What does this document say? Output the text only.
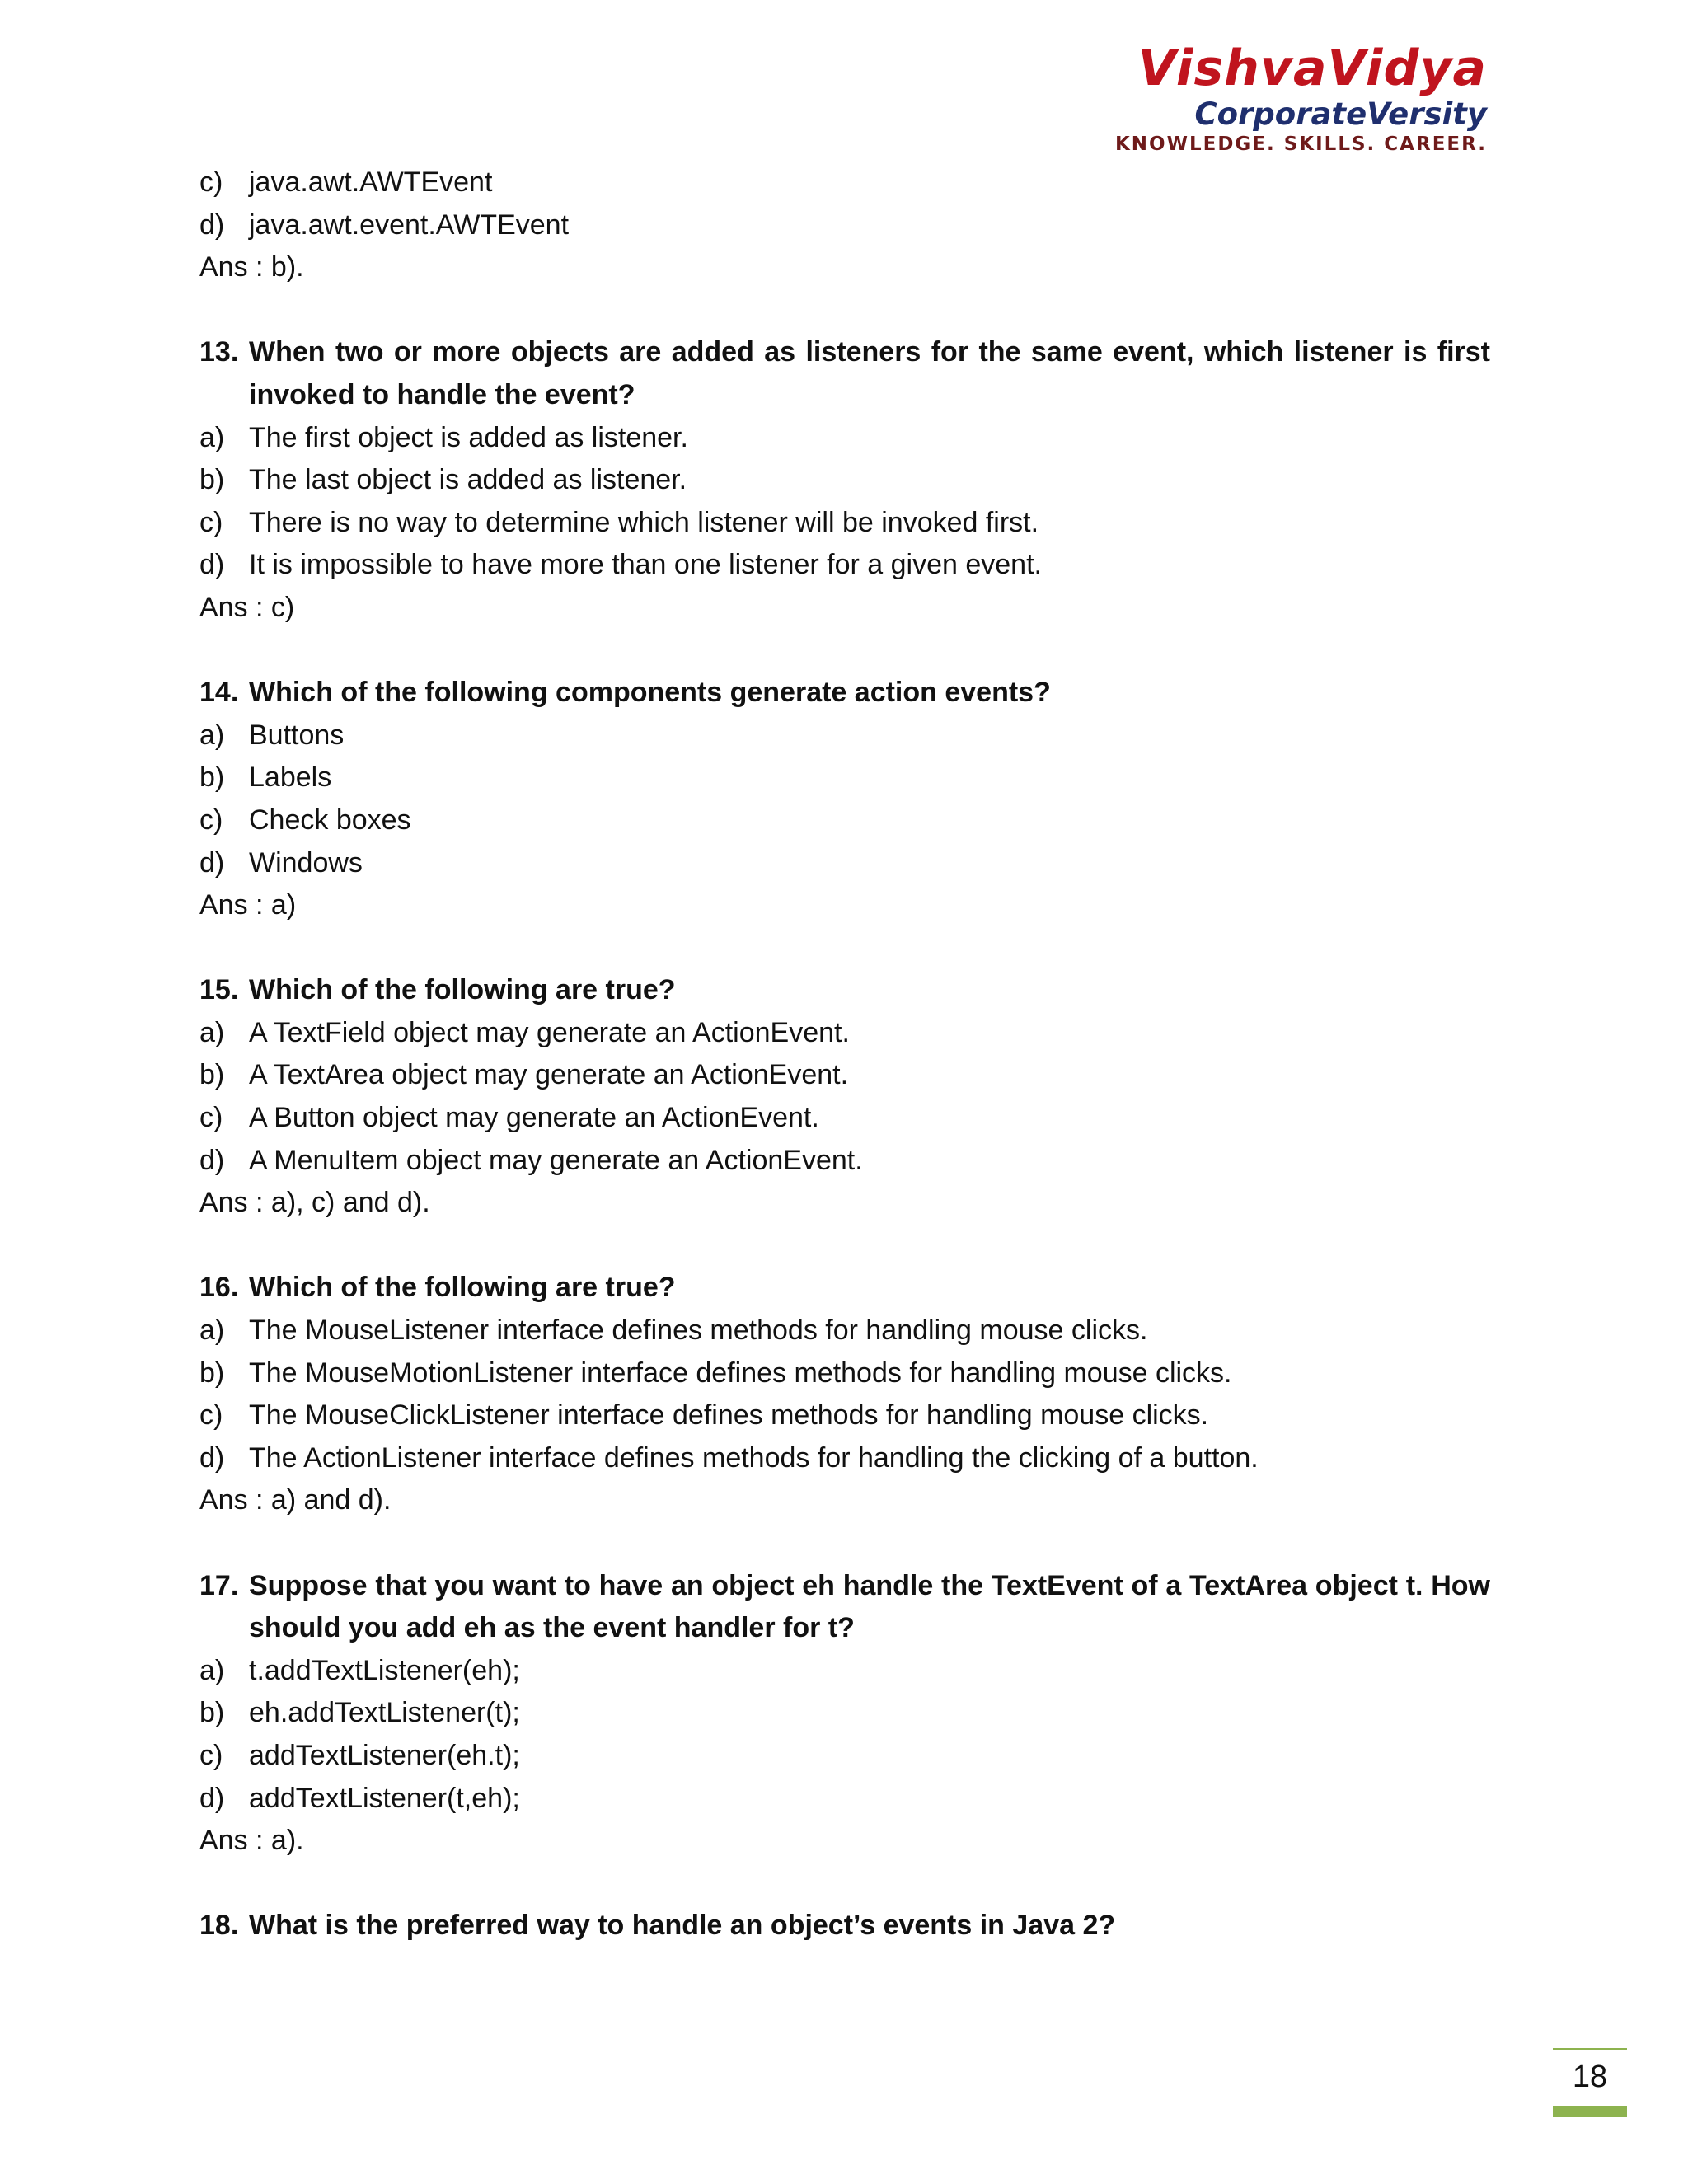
VishvaVidya
CorporateVersity
KNOWLEDGE. SKILLS. CAREER.
c) java.awt.AWTEvent
d) java.awt.event.AWTEvent
Ans : b).
13. When two or more objects are added as listeners for the same event, which listener is first invoked to handle the event?
a) The first object is added as listener.
b) The last object is added as listener.
c) There is no way to determine which listener will be invoked first.
d) It is impossible to have more than one listener for a given event.
Ans : c)
14. Which of the following components generate action events?
a) Buttons
b) Labels
c) Check boxes
d) Windows
Ans : a)
15. Which of the following are true?
a) A TextField object may generate an ActionEvent.
b) A TextArea object may generate an ActionEvent.
c) A Button object may generate an ActionEvent.
d) A MenuItem object may generate an ActionEvent.
Ans : a), c) and d).
16. Which of the following are true?
a) The MouseListener interface defines methods for handling mouse clicks.
b) The MouseMotionListener interface defines methods for handling mouse clicks.
c) The MouseClickListener interface defines methods for handling mouse clicks.
d) The ActionListener interface defines methods for handling the clicking of a button.
Ans : a) and d).
17. Suppose that you want to have an object eh handle the TextEvent of a TextArea object t. How should you add eh as the event handler for t?
a) t.addTextListener(eh);
b) eh.addTextListener(t);
c) addTextListener(eh.t);
d) addTextListener(t,eh);
Ans : a).
18. What is the preferred way to handle an object’s events in Java 2?
18
